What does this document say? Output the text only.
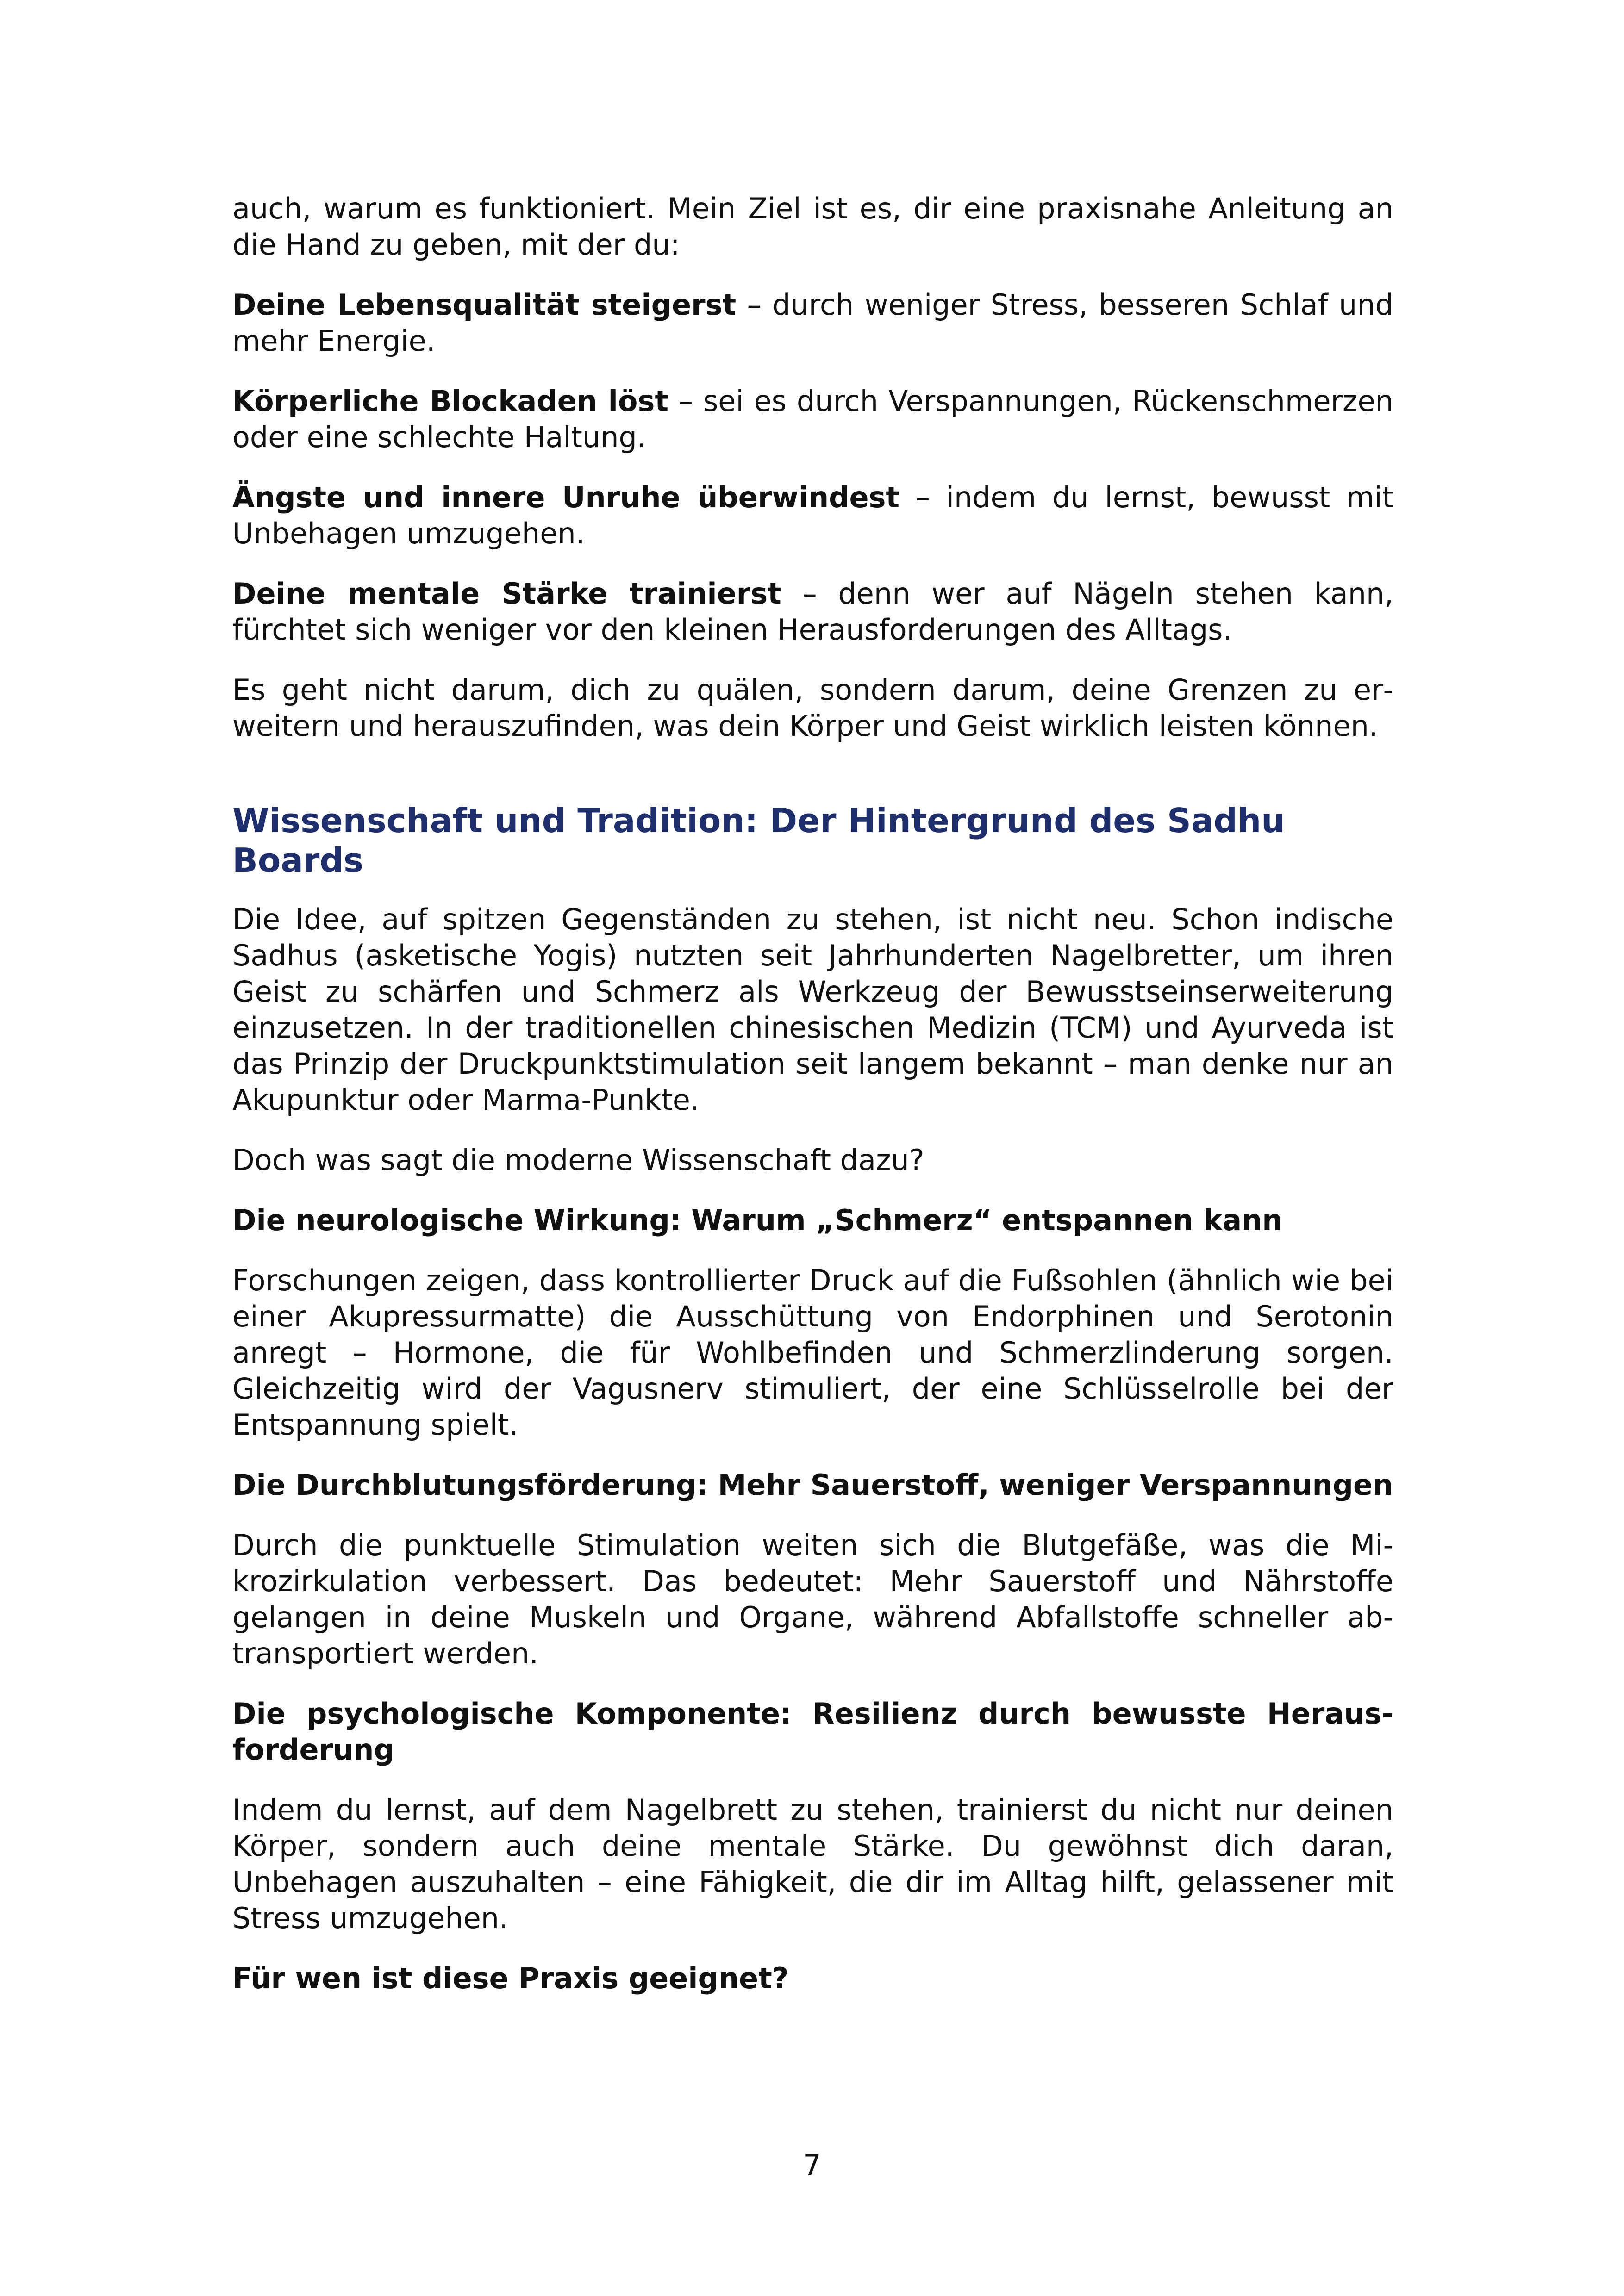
auch, warum es funktioniert. Mein Ziel ist es, dir eine praxisnahe Anleitung an die Hand zu geben, mit der du:

Deine Lebensqualität steigerst – durch weniger Stress, besseren Schlaf und mehr Energie.

Körperliche Blockaden löst – sei es durch Verspannungen, Rückenschmerzen oder eine schlechte Haltung.

Ängste und innere Unruhe überwindest – indem du lernst, bewusst mit Unbehagen umzugehen.

Deine mentale Stärke trainierst – denn wer auf Nägeln stehen kann, fürchtet sich weniger vor den kleinen Herausforderungen des Alltags.

Es geht nicht darum, dich zu quälen, sondern darum, deine Grenzen zu erweitern und herauszufinden, was dein Körper und Geist wirklich leisten können.

Wissenschaft und Tradition: Der Hintergrund des Sadhu Boards

Die Idee, auf spitzen Gegenständen zu stehen, ist nicht neu. Schon indische Sadhus (asketische Yogis) nutzten seit Jahrhunderten Nagelbretter, um ihren Geist zu schärfen und Schmerz als Werkzeug der Bewusstseinserweiterung einzusetzen. In der traditionellen chinesischen Medizin (TCM) und Ayurveda ist das Prinzip der Druckpunktstimulation seit langem bekannt – man denke nur an Akupunktur oder Marma-Punkte.

Doch was sagt die moderne Wissenschaft dazu?

Die neurologische Wirkung: Warum „Schmerz“ entspannen kann

Forschungen zeigen, dass kontrollierter Druck auf die Fußsohlen (ähnlich wie bei einer Akupressurmatte) die Ausschüttung von Endorphinen und Serotonin anregt – Hormone, die für Wohlbefinden und Schmerzlinderung sorgen. Gleichzeitig wird der Vagusnerv stimuliert, der eine Schlüsselrolle bei der Entspannung spielt.

Die Durchblutungsförderung: Mehr Sauerstoff, weniger Verspannungen

Durch die punktuelle Stimulation weiten sich die Blutgefäße, was die Mikrozirkulation verbessert. Das bedeutet: Mehr Sauerstoff und Nährstoffe gelangen in deine Muskeln und Organe, während Abfallstoffe schneller abtransportiert werden.

Die psychologische Komponente: Resilienz durch bewusste Herausforderung

Indem du lernst, auf dem Nagelbrett zu stehen, trainierst du nicht nur deinen Körper, sondern auch deine mentale Stärke. Du gewöhnst dich daran, Unbehagen auszuhalten – eine Fähigkeit, die dir im Alltag hilft, gelassener mit Stress umzugehen.

Für wen ist diese Praxis geeignet?
7
